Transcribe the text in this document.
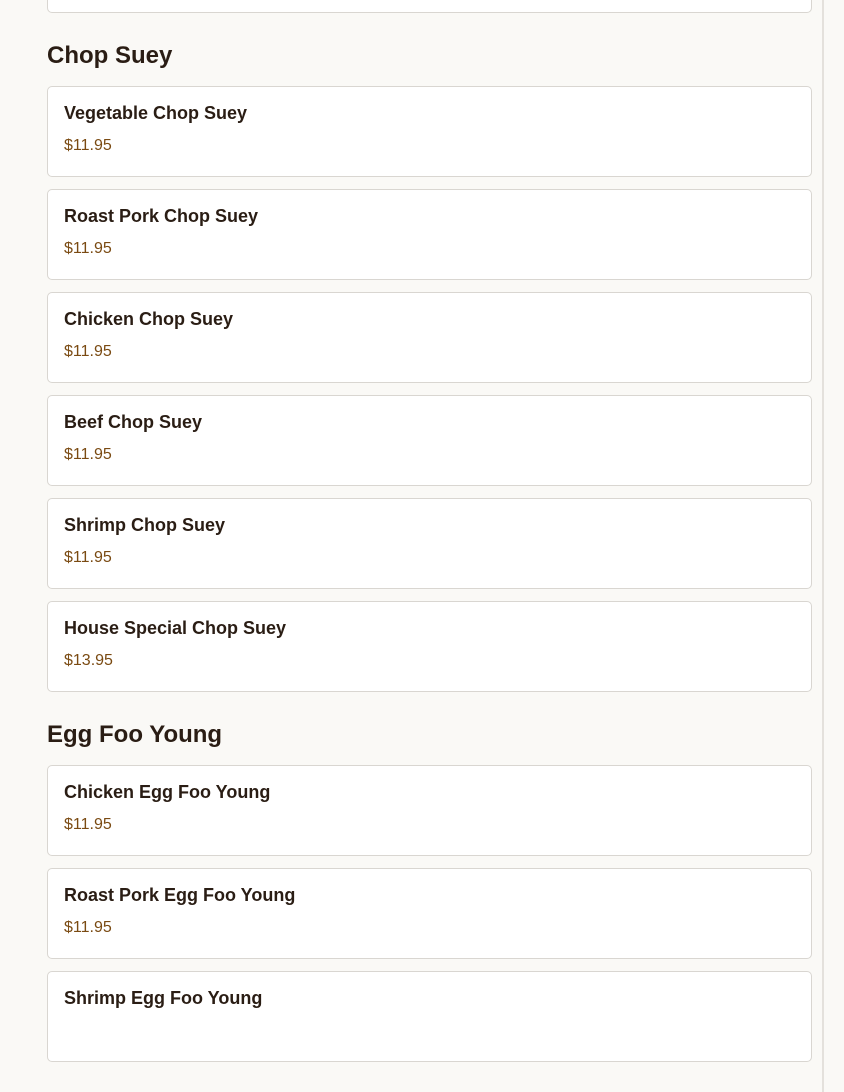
Chop Suey
Vegetable Chop Suey
$11.95
Roast Pork Chop Suey
$11.95
Chicken Chop Suey
$11.95
Beef Chop Suey
$11.95
Shrimp Chop Suey
$11.95
House Special Chop Suey
$13.95
Egg Foo Young
Chicken Egg Foo Young
$11.95
Roast Pork Egg Foo Young
$11.95
Shrimp Egg Foo Young
